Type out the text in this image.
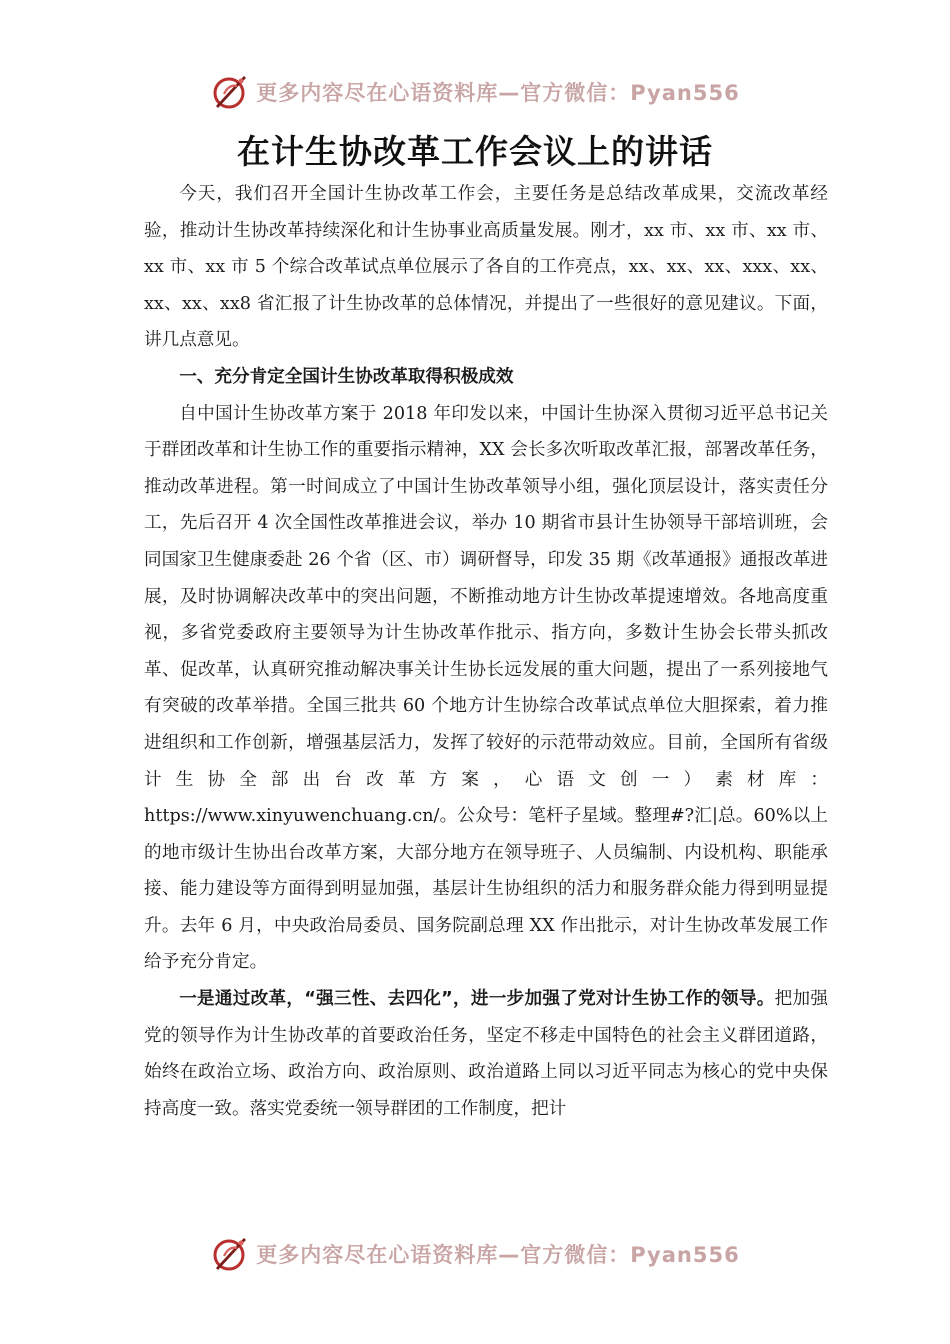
更多内容尽在心语资料库—官方微信：Pyan556
在计生协改革工作会议上的讲话

今天，我们召开全国计生协改革工作会，主要任务是总结改革成果，交流改革经验，推动计生协改革持续深化和计生协事业高质量发展。刚才，xx 市、xx 市、xx 市、xx 市、xx 市 5 个综合改革试点单位展示了各自的工作亮点，xx、xx、xx、xxx、xx、xx、xx、xx8 省汇报了计生协改革的总体情况，并提出了一些很好的意见建议。下面，讲几点意见。

一、充分肯定全国计生协改革取得积极成效

自中国计生协改革方案于 2018 年印发以来，中国计生协深入贯彻习近平总书记关于群团改革和计生协工作的重要指示精神，XX 会长多次听取改革汇报，部署改革任务，推动改革进程。第一时间成立了中国计生协改革领导小组，强化顶层设计，落实责任分工，先后召开 4 次全国性改革推进会议，举办 10 期省市县计生协领导干部培训班，会同国家卫生健康委赴 26 个省（区、市）调研督导，印发 35 期《改革通报》通报改革进展，及时协调解决改革中的突出问题，不断推动地方计生协改革提速增效。各地高度重视，多省党委政府主要领导为计生协改革作批示、指方向，多数计生协会长带头抓改革、促改革，认真研究推动解决事关计生协长远发展的重大问题，提出了一系列接地气有突破的改革举措。全国三批共 60 个地方计生协综合改革试点单位大胆探索，着力推进组织和工作创新，增强基层活力，发挥了较好的示范带动效应。目前，全国所有省级计生协全部出台改革方案，心语文创一）素材库：https://www.xinyuwenchuang.cn/。公众号：笔杆子星域。整理#?汇|总。60%以上的地市级计生协出台改革方案，大部分地方在领导班子、人员编制、内设机构、职能承接、能力建设等方面得到明显加强，基层计生协组织的活力和服务群众能力得到明显提升。去年 6 月，中央政治局委员、国务院副总理 XX 作出批示，对计生协改革发展工作给予充分肯定。

一是通过改革，“强三性、去四化”，进一步加强了党对计生协工作的领导。把加强党的领导作为计生协改革的首要政治任务，坚定不移走中国特色的社会主义群团道路，始终在政治立场、政治方向、政治原则、政治道路上同以习近平同志为核心的党中央保持高度一致。落实党委统一领导群团的工作制度，把计

更多内容尽在心语资料库—官方微信：Pyan556
